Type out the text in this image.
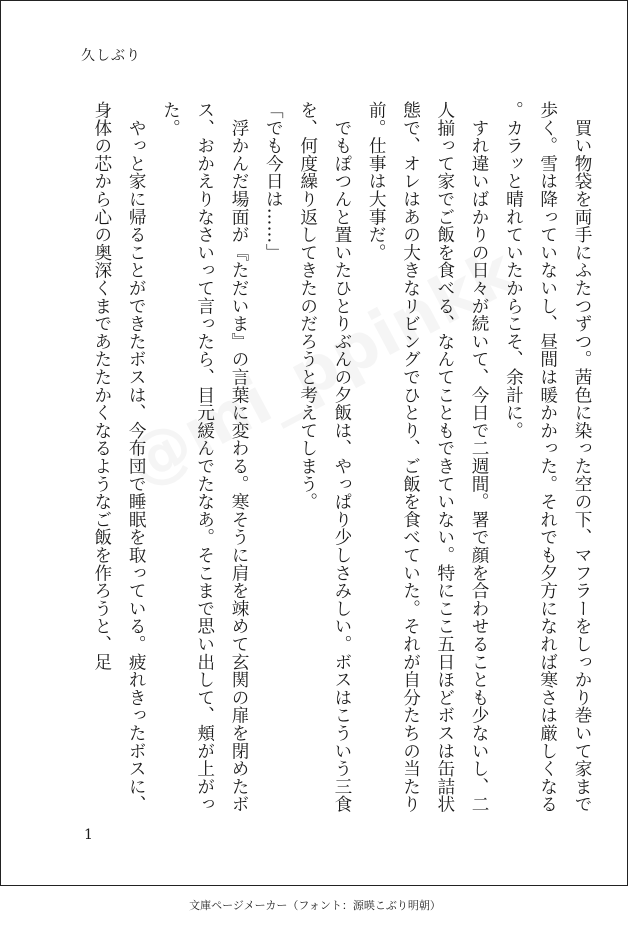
久しぶり

　買い物袋を両手にふたつずつ。茜色に染った空の下、マフラーをしっかり巻いて家まで歩く。雪は降っていないし、昼間は暖かかった。それでも夕方になれば寒さは厳しくなる。カラッと晴れていたからこそ、余計に。

　すれ違いばかりの日々が続いて、今日で二週間。署で顔を合わせることも少ないし、二人揃って家でご飯を食べる、なんてこともできていない。特にここ五日ほどボスは缶詰状態で、オレはあの大きなリビングでひとり、ご飯を食べていた。それが自分たちの当たり前。仕事は大事だ。

　でもぽつんと置いたひとりぶんの夕飯は、やっぱり少しさみしい。ボスはこういう三食を、何度繰り返してきたのだろうと考えてしまう。

「でも今日は……」

　浮かんだ場面が『ただいま』の言葉に変わる。寒そうに肩を竦めて玄関の扉を閉めたボス、おかえりなさいって言ったら、目元緩んでたなあ。そこまで思い出して、頬が上がった。

　やっと家に帰ることができたボスは、今布団で睡眠を取っている。疲れきったボスに、身体の芯から心の奥深くまであたたかくなるようなご飯を作ろうと、足

1
文庫ページメーカー（フォント：源暎こぶり明朝）
